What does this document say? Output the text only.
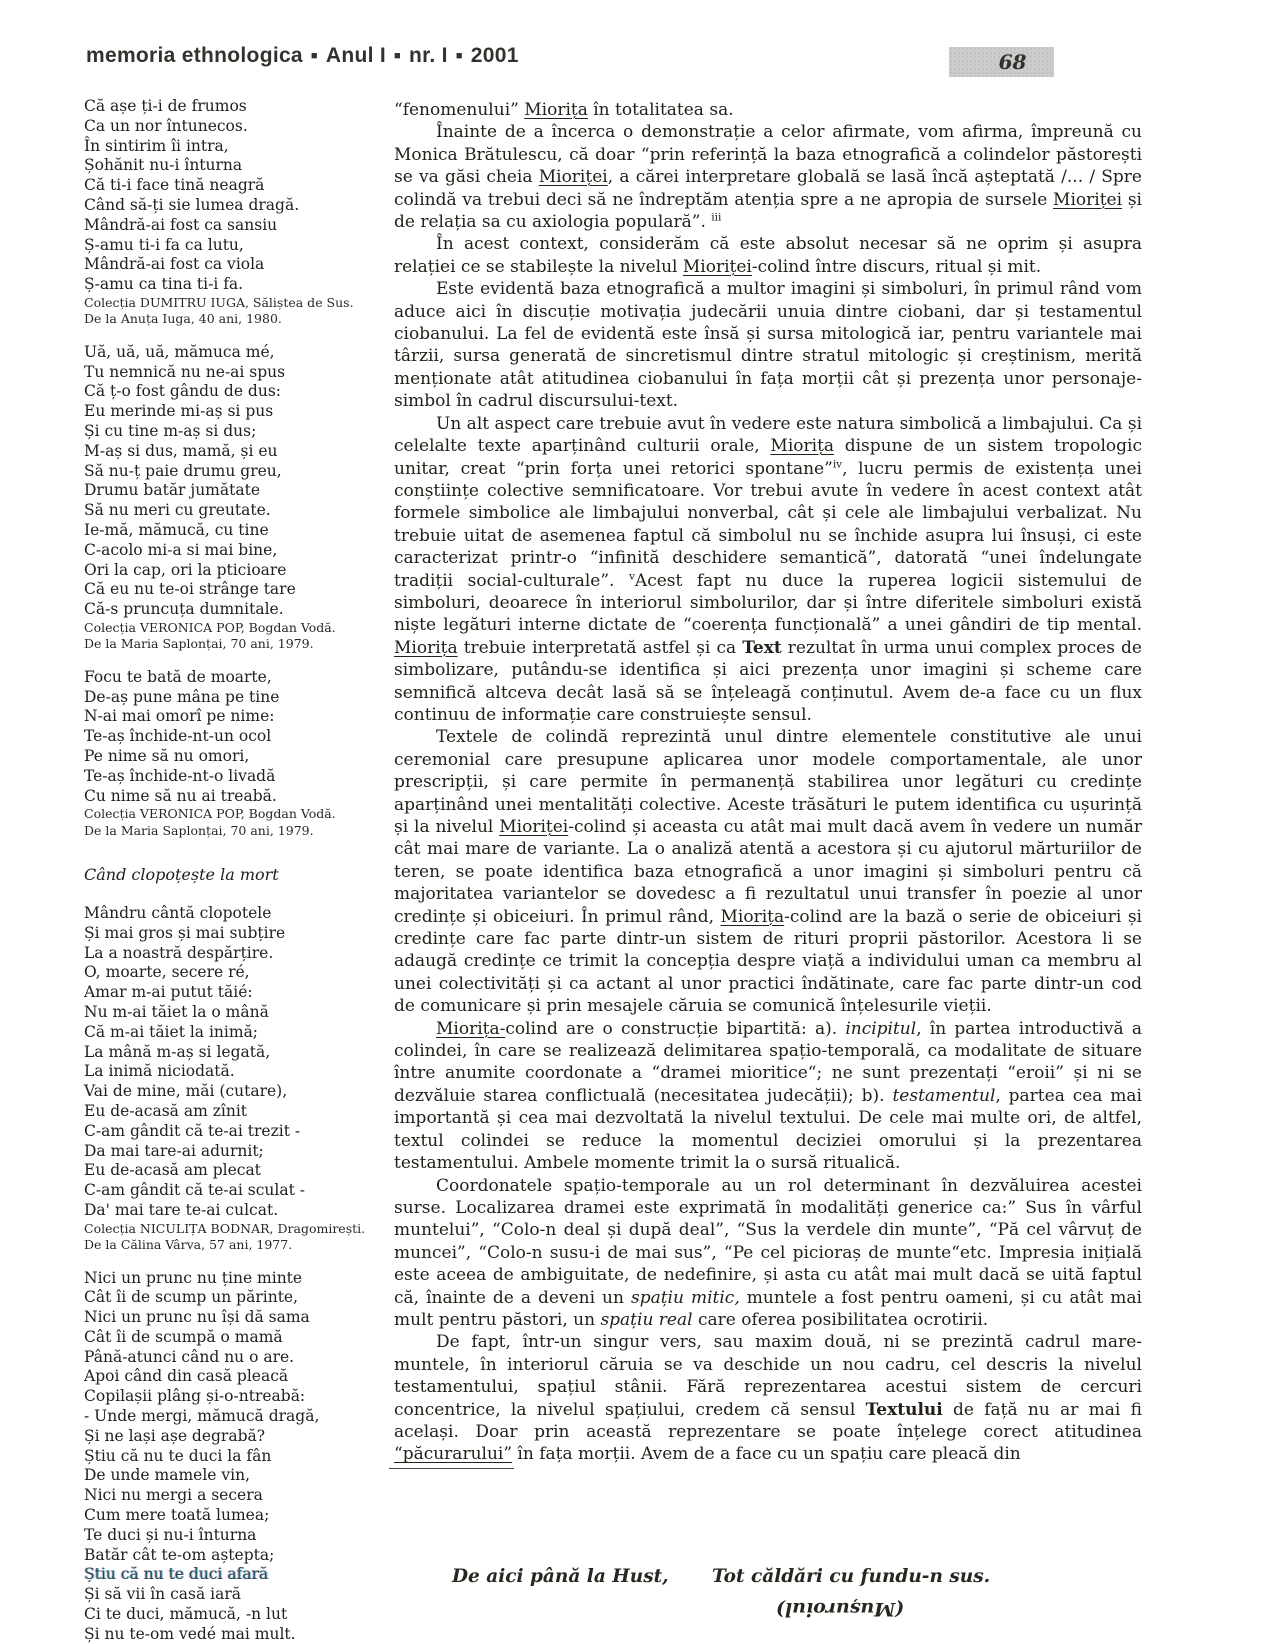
memoria ethnologica ■ Anul I ■ nr. I ■ 2001	68
Că așe ți-i de frumos
Ca un nor întunecos.
În sintirim îi intra,
Șohănit nu-i înturna
Că ti-i face tină neagră
Când să-ți sie lumea dragă.
Mândră-ai fost ca sansiu
Ș-amu ti-i fa ca lutu,
Mândră-ai fost ca viola
Ș-amu ca tina ti-i fa.
Colecția DUMITRU IUGA, Săliștea de Sus.
De la Anuța Iuga, 40 ani, 1980.
Uă, uă, uă, mămuca mé,
Tu nemnică nu ne-ai spus
Că ț-o fost gându de dus:
Eu merinde mi-aș si pus
Și cu tine m-aș si dus;
M-aș si dus, mamă, și eu
Să nu-ț paie drumu greu,
Drumu batăr jumătate
Să nu meri cu greutate.
Ie-mă, mămucă, cu tine
C-acolo mi-a si mai bine,
Ori la cap, ori la pticioare
Că eu nu te-oi strânge tare
Că-s pruncuța dumnitale.
Colecția VERONICA POP, Bogdan Vodă.
De la Maria Saplonțai, 70 ani, 1979.
Focu te bată de moarte,
De-aș pune mâna pe tine
N-ai mai omorî pe nime:
Te-aș închide-nt-un ocol
Pe nime să nu omori,
Te-aș închide-nt-o livadă
Cu nime să nu ai treabă.
Colecția VERONICA POP, Bogdan Vodă.
De la Maria Saplonțai, 70 ani, 1979.
Când clopoțește la mort
Mândru cântă clopotele
Și mai gros și mai subțire
La a noastră despărțire.
O, moarte, secere ré,
Amar m-ai putut tăié:
Nu m-ai tăiet la o mână
Că m-ai tăiet la inimă;
La mână m-aș si legată,
La inimă niciodată.
Vai de mine, măi (cutare),
Eu de-acasă am zînit
C-am gândit că te-ai trezit -
Da mai tare-ai adurnit;
Eu de-acasă am plecat
C-am gândit că te-ai sculat -
Da' mai tare te-ai culcat.
Colecția NICULIȚA BODNAR, Dragomirești.
De la Călina Vârva, 57 ani, 1977.
Nici un prunc nu ține minte
Cât îi de scump un părinte,
Nici un prunc nu își dă sama
Cât îi de scumpă o mamă
Până-atunci când nu o are.
Apoi când din casă pleacă
Copilașii plâng și-o-ntreabă:
- Unde mergi, mămucă dragă,
Și ne lași așe degrabă?
Știu că nu te duci la fân
De unde mamele vin,
Nici nu mergi a secera
Cum mere toată lumea;
Te duci și nu-i înturna
Batăr cât te-om aștepta;
Știu că nu te duci afară
Și să vii în casă iară
Ci te duci, mămucă, -n lut
Și nu te-om vedé mai mult.

“fenomenului” Miorița în totalitatea sa.

Înainte de a încerca o demonstrație a celor afirmate, vom afirma, împreună cu Monica Brătulescu, că doar “prin referință la baza etnografică a colindelor păstorești se va găsi cheia Mioriței, a cărei interpretare globală se lasă încă așteptată /... / Spre colindă va trebui deci să ne îndreptăm atenția spre a ne apropia de sursele Mioriței și de relația sa cu axiologia populară”. $^{iii}$

În acest context, considerăm că este absolut necesar să ne oprim și asupra relației ce se stabilește la nivelul Mioriței-colind între discurs, ritual și mit.

Este evidentă baza etnografică a multor imagini și simboluri, în primul rând vom aduce aici în discuție motivația judecării unuia dintre ciobani, dar și testamentul ciobanului. La fel de evidentă este însă și sursa mitologică iar, pentru variantele mai târzii, sursa generată de sincretismul dintre stratul mitologic și creștinism, merită menționate atât atitudinea ciobanului în fața morții cât și prezența unor personaje-simbol în cadrul discursului-text.

Un alt aspect care trebuie avut în vedere este natura simbolică a limbajului. Ca și celelalte texte aparținând culturii orale, Miorița dispune de un sistem tropologic unitar, creat “prin forța unei retorici spontane”$^{iv}$, lucru permis de existența unei conștiințe colective semnificatoare. Vor trebui avute în vedere în acest context atât formele simbolice ale limbajului nonverbal, cât și cele ale limbajului verbalizat. Nu trebuie uitat de asemenea faptul că simbolul nu se închide asupra lui însuși, ci este caracterizat printr-o “infinită deschidere semantică”, datorată “unei îndelungate tradiții social-culturale”. $^v$Acest fapt nu duce la ruperea logicii sistemului de simboluri, deoarece în interiorul simbolurilor, dar și între diferitele simboluri există niște legături interne dictate de “coerența funcțională” a unei gândiri de tip mental. Miorița trebuie interpretată astfel și ca Text rezultat în urma unui complex proces de simbolizare, putându-se identifica și aici prezența unor imagini și scheme care semnifică altceva decât lasă să se înțeleagă conținutul. Avem de-a face cu un flux continuu de informație care construiește sensul.

Textele de colindă reprezintă unul dintre elementele constitutive ale unui ceremonial care presupune aplicarea unor modele comportamentale, ale unor prescripții, și care permite în permanență stabilirea unor legături cu credințe aparținând unei mentalități colective. Aceste trăsături le putem identifica cu ușurință și la nivelul Mioriței-colind și aceasta cu atât mai mult dacă avem în vedere un număr cât mai mare de variante. La o analiză atentă a acestora și cu ajutorul mărturiilor de teren, se poate identifica baza etnografică a unor imagini și simboluri pentru că majoritatea variantelor se dovedesc a fi rezultatul unui transfer în poezie al unor credințe și obiceiuri. În primul rând, Miorița-colind are la bază o serie de obiceiuri și credințe care fac parte dintr-un sistem de rituri proprii păstorilor. Acestora li se adaugă credințe ce trimit la concepția despre viață a individului uman ca membru al unei colectivități și ca actant al unor practici îndătinate, care fac parte dintr-un cod de comunicare și prin mesajele căruia se comunică înțelesurile vieții.

Miorița-colind are o construcție bipartită: a). incipitul, în partea introductivă a colindei, în care se realizează delimitarea spațio-temporală, ca modalitate de situare între anumite coordonate a “dramei mioritice“; ne sunt prezentați “eroii” și ni se dezvăluie starea conflictuală (necesitatea judecății); b). testamentul, partea cea mai importantă și cea mai dezvoltată la nivelul textului. De cele mai multe ori, de altfel, textul colindei se reduce la momentul deciziei omorului și la prezentarea testamentului. Ambele momente trimit la o sursă ritualică.

Coordonatele spațio-temporale au un rol determinant în dezvăluirea acestei surse. Localizarea dramei este exprimată în modalități generice ca:” Sus în vârful muntelui”, “Colo-n deal și după deal”, “Sus la verdele din munte”, “Pă cel vârvuț de muncei”, “Colo-n susu-i de mai sus”, “Pe cel picioraș de munte“etc. Impresia inițială este aceea de ambiguitate, de nedefinire, și asta cu atât mai mult dacă se uită faptul că, înainte de a deveni un spațiu mitic, muntele a fost pentru oameni, și cu atât mai mult pentru păstori, un spațiu real care oferea posibilitatea ocrotirii.

De fapt, într-un singur vers, sau maxim două, ni se prezintă cadrul mare-muntele, în interiorul căruia se va deschide un nou cadru, cel descris la nivelul testamentului, spațiul stânii. Fără reprezentarea acestui sistem de cercuri concentrice, la nivelul spațiului, credem că sensul Textului de față nu ar mai fi același. Doar prin această reprezentare se poate înțelege corect atitudinea “păcurarului” în fața morții. Avem de a face cu un spațiu care pleacă din

De aici până la Hust, Tot căldări cu fundu-n sus.
(Mușuroiul)
